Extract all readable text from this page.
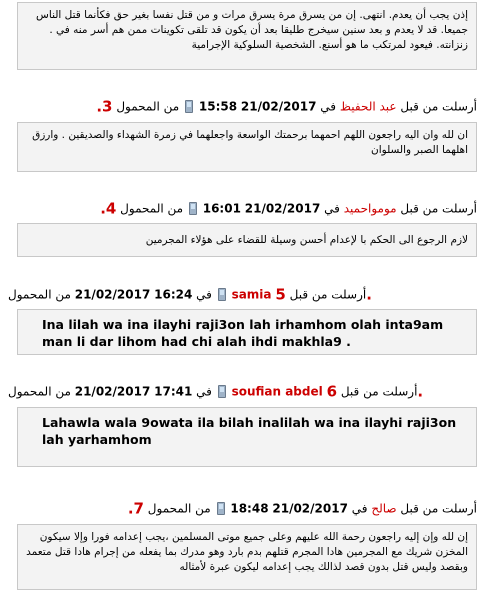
إذن يجب أن يعدم. انتهى. إن من يسرق مرة يسرق مرات و من قتل نفسا بغير حق فكأنما قتل الناس جميعا. قد لا يعدم و بعد سنين سيخرج طليقا بعد أن يكون قد تلقى تكوينات ممن هم أسر منه في . زنزانته. فيعود لمرتكب ما هو أسنع. الشخصية السلوكية الإجرامية
أرسلت من قبل عبد الحفيظ في 21/02/2017 15:58  من المحمول 3.
ان لله وان اليه راجعون اللهم احمهما برحمتك الواسعة واجعلهما في زمرة الشهداء والصديقين . وارزق اهلهما الصبر والسلوان
أرسلت من قبل مومواحميد في 21/02/2017 16:01  من المحمول 4.
لازم الرجوع الى الحكم با لإعدام أحسن وسيلة للقضاء على هؤلاء المجرمين
في 16:24 21/02/2017 من المحمول	samia أرسلت من قبل 5.
Ina lilah wa ina ilayhi raji3on lah irhamhom olah inta9am man li dar lihom had chi alah ihdi makhla9 .
في 17:41 21/02/2017 من المحمول	soufian abdel أرسلت من قبل 6.
Lahawla wala 9owata ila bilah inalilah wa ina ilayhi raji3on lah yarhamhom
أرسلت من قبل صالح في 21/02/2017 18:48  من المحمول 7.
إن لله وإن إليه راجعون رحمة الله عليهم وعلى جميع موتى المسلمين ،يجب إعدامه فورا وإلا سيكون المخزن شريك مع المجرمين هادا المجرم قتلهم بدم بارد وهو مدرك بما يفعله من إجرام هادا قتل متعمد وبقصد وليس قتل بدون قصد لذالك يجب إعدامه ليكون عبرة لأمثاله
